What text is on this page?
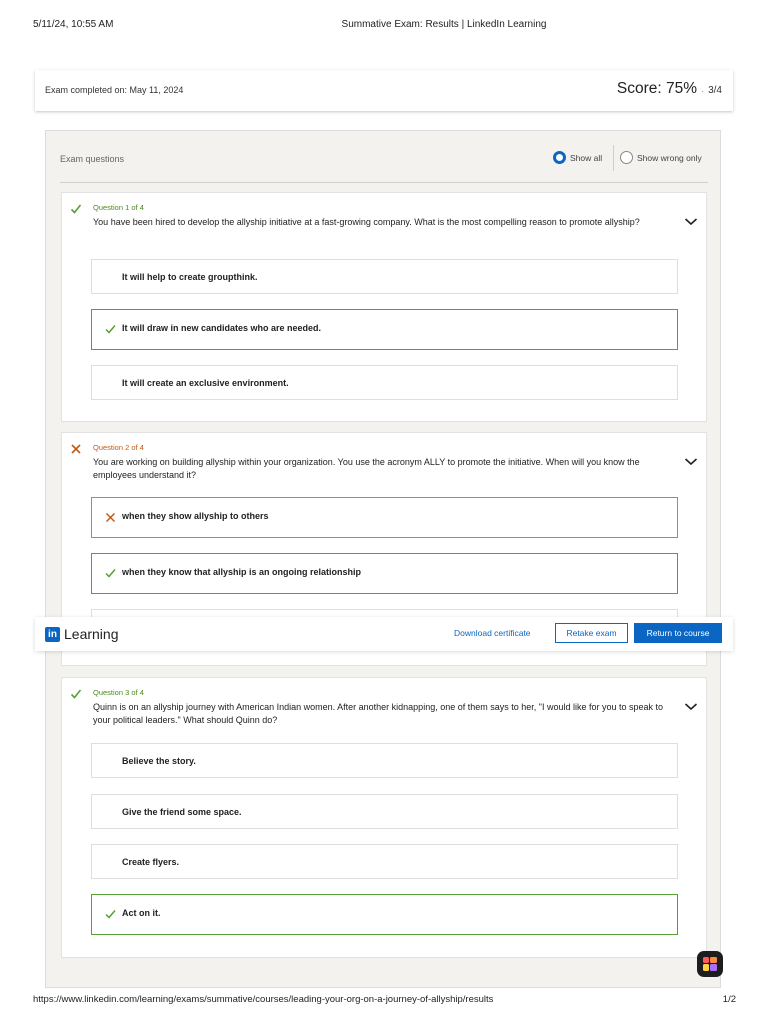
5/11/24, 10:55 AM	Summative Exam: Results | LinkedIn Learning
Exam completed on: May 11, 2024	Score: 75% · 3/4
Exam questions	Show all	Show wrong only
Question 1 of 4
You have been hired to develop the allyship initiative at a fast-growing company. What is the most compelling reason to promote allyship?
It will help to create groupthink.
It will draw in new candidates who are needed.
It will create an exclusive environment.
Question 2 of 4
You are working on building allyship within your organization. You use the acronym ALLY to promote the initiative. When will you know the employees understand it?
when they show allyship to others
when they know that allyship is an ongoing relationship
Question 3 of 4
Quinn is on an allyship journey with American Indian women. After another kidnapping, one of them says to her, "I would like for you to speak to your political leaders." What should Quinn do?
Believe the story.
Give the friend some space.
Create flyers.
Act on it.
in Learning	Download certificate	Retake exam	Return to course
https://www.linkedin.com/learning/exams/summative/courses/leading-your-org-on-a-journey-of-allyship/results	1/2
